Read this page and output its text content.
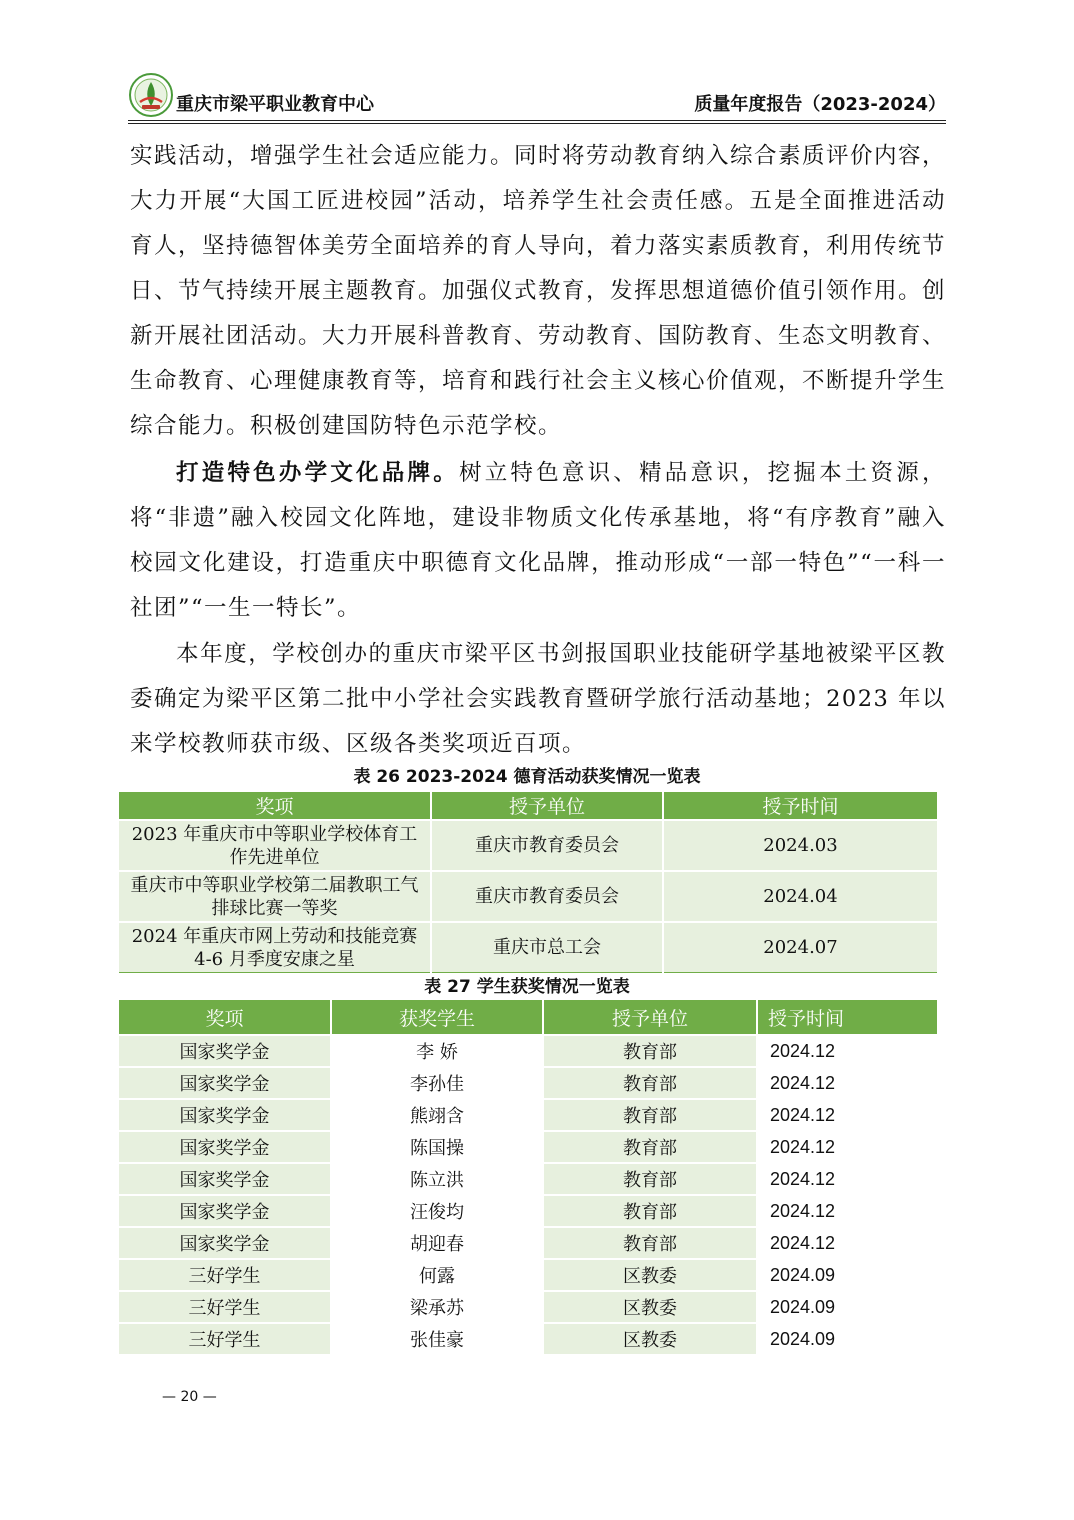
重庆市梁平职业教育中心	质量年度报告（2023-2024）
实践活动，增强学生社会适应能力。同时将劳动教育纳入综合素质评价内容，大力开展“大国工匠进校园”活动，培养学生社会责任感。五是全面推进活动育人，坚持德智体美劳全面培养的育人导向，着力落实素质教育，利用传统节日、节气持续开展主题教育。加强仪式教育，发挥思想道德价值引领作用。创新开展社团活动。大力开展科普教育、劳动教育、国防教育、生态文明教育、生命教育、心理健康教育等，培育和践行社会主义核心价值观，不断提升学生综合能力。积极创建国防特色示范学校。
打造特色办学文化品牌。树立特色意识、精品意识，挖掘本土资源，将“非遗”融入校园文化阵地，建设非物质文化传承基地，将“有序教育”融入校园文化建设，打造重庆中职德育文化品牌，推动形成“一部一特色”“一科一社团”“一生一特长”。
本年度，学校创办的重庆市梁平区书剑报国职业技能研学基地被梁平区教委确定为梁平区第二批中小学社会实践教育暨研学旅行活动基地；2023 年以来学校教师获市级、区级各类奖项近百项。
表 26 2023-2024 德育活动获奖情况一览表
奖项	授予单位	授予时间
2023 年重庆市中等职业学校体育工作先进单位	重庆市教育委员会	2024.03
重庆市中等职业学校第二届教职工气排球比赛一等奖	重庆市教育委员会	2024.04
2024 年重庆市网上劳动和技能竞赛 4-6 月季度安康之星	重庆市总工会	2024.07
表 27 学生获奖情况一览表
奖项	获奖学生	授予单位	授予时间
国家奖学金	李 娇	教育部	2024.12
国家奖学金	李孙佳	教育部	2024.12
国家奖学金	熊翊含	教育部	2024.12
国家奖学金	陈国操	教育部	2024.12
国家奖学金	陈立洪	教育部	2024.12
国家奖学金	汪俊均	教育部	2024.12
国家奖学金	胡迎春	教育部	2024.12
三好学生	何露	区教委	2024.09
三好学生	梁承苏	区教委	2024.09
三好学生	张佳豪	区教委	2024.09
— 20 —
